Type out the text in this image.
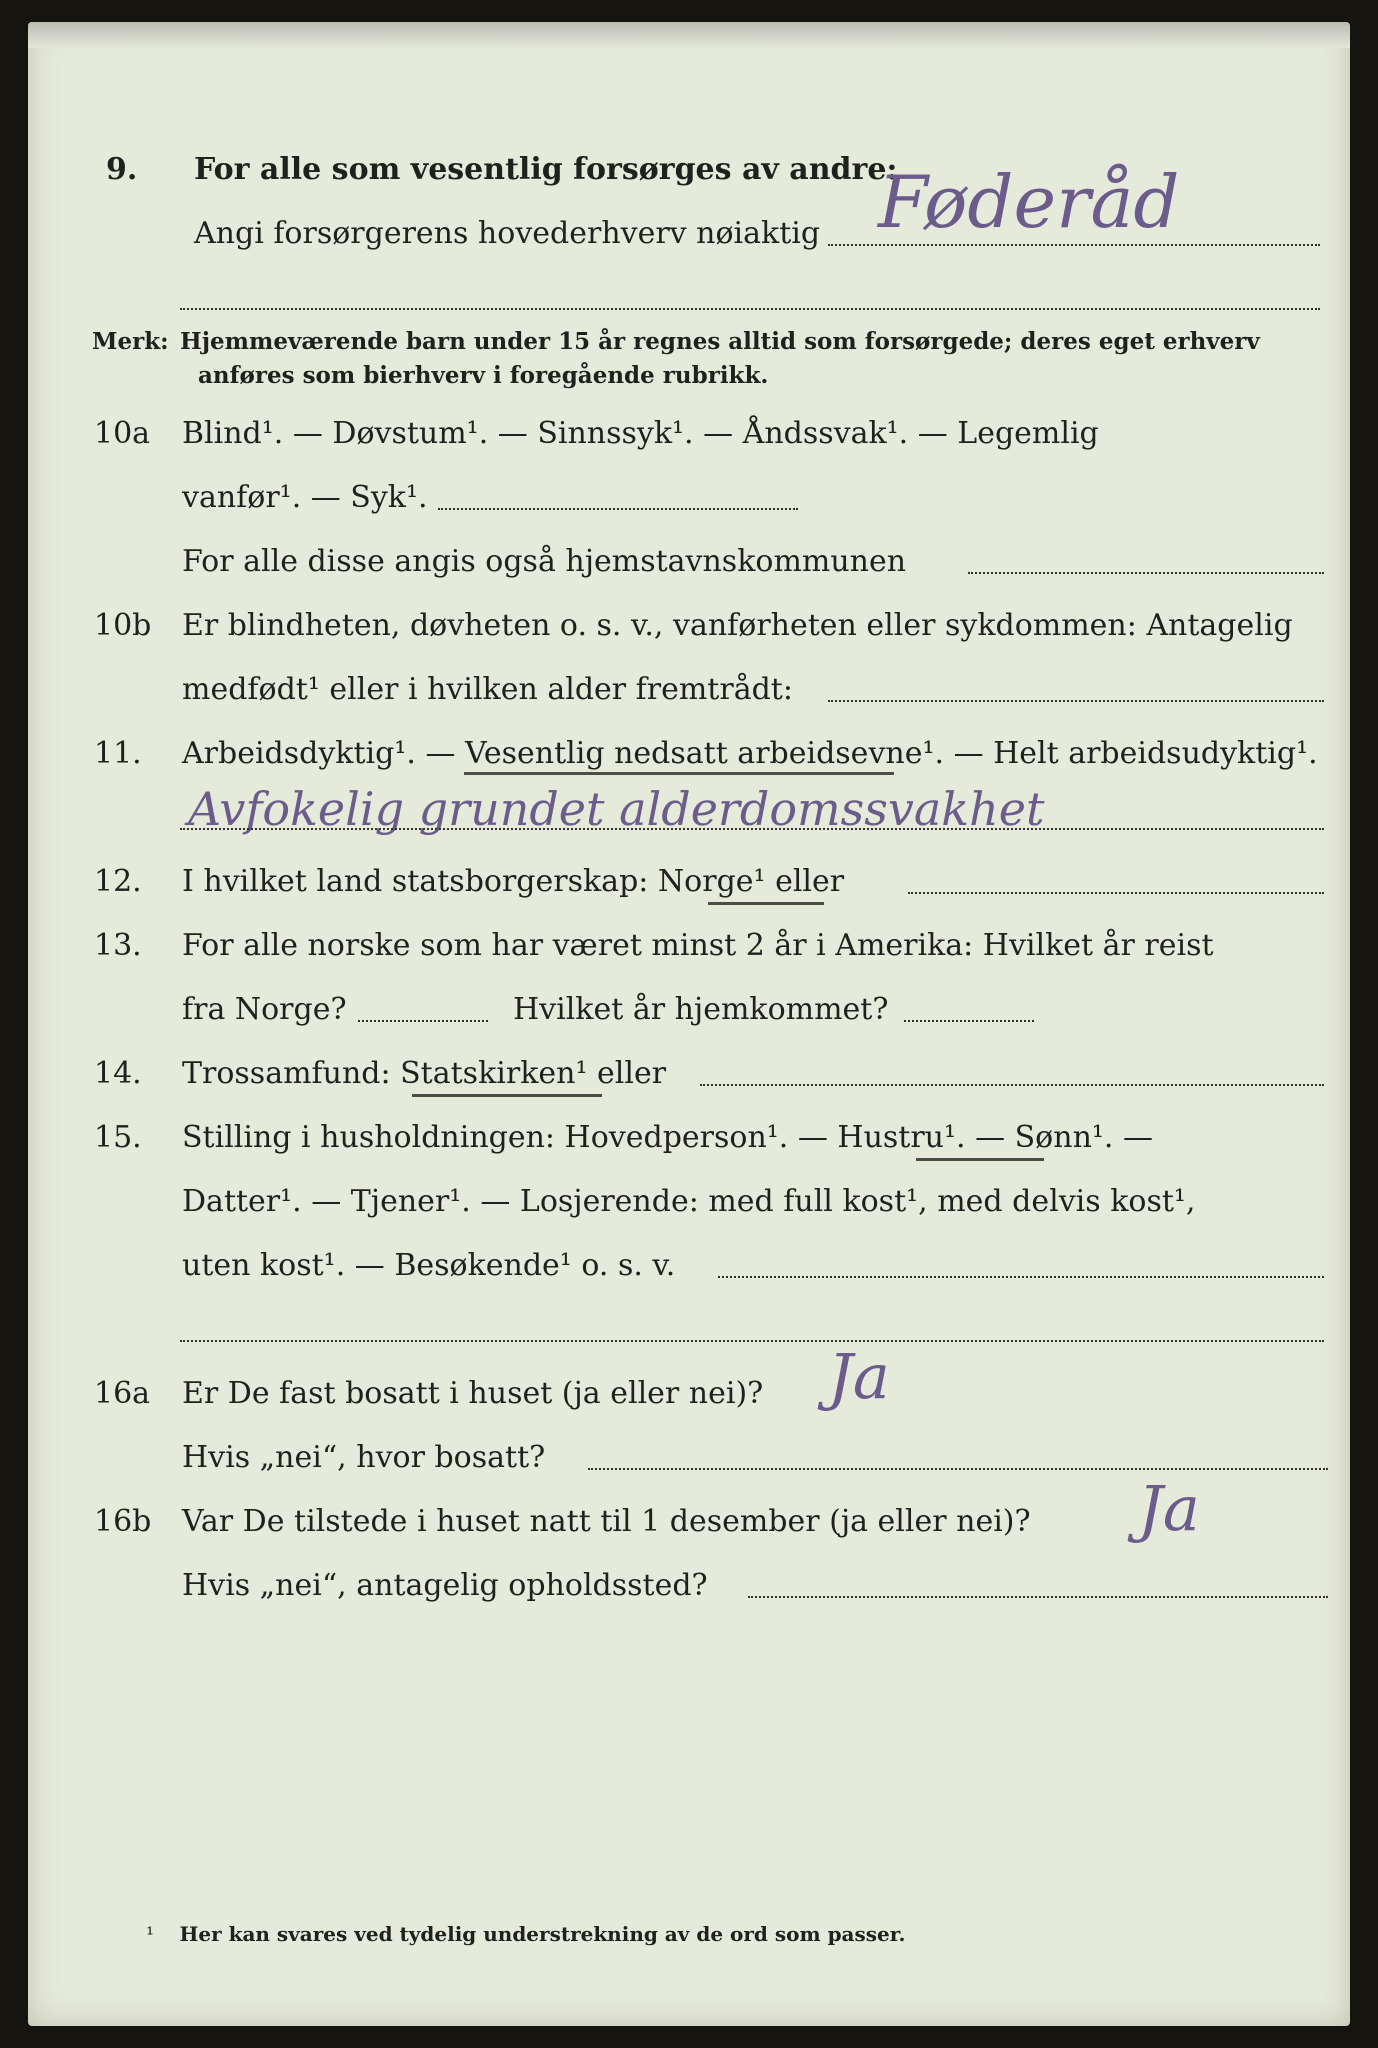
9.	For alle som vesentlig forsørges av andre:
Angi forsørgerens hovederhverv nøiaktig Føderåd
Merk: Hjemmeværende barn under 15 år regnes alltid som forsørgede; deres eget erhverv
anføres som bierhverv i foregående rubrikk.
10a	Blind¹. — Døvstum¹. — Sinnssyk¹. — Åndssvak¹. — Legemlig
vanfør¹. — Syk¹.
For alle disse angis også hjemstavnskommunen
10b	Er blindheten, døvheten o. s. v., vanførheten eller sykdommen: Antagelig
medfødt¹ eller i hvilken alder fremtrådt:
11.	Arbeidsdyktig¹. — Vesentlig nedsatt arbeidsevne¹. — Helt arbeidsudyktig¹.
Avfokelig grundet alderdomssvakhet
12.	I hvilket land statsborgerskap: Norge¹ eller
13.	For alle norske som har været minst 2 år i Amerika: Hvilket år reist
fra Norge?	Hvilket år hjemkommet?
14.	Trossamfund: Statskirken¹ eller
15.	Stilling i husholdningen: Hovedperson¹. — Hustru¹. — Sønn¹. —
Datter¹. — Tjener¹. — Losjerende: med full kost¹, med delvis kost¹,
uten kost¹. — Besøkende¹ o. s. v.
16a	Er De fast bosatt i huset (ja eller nei)? Ja
Hvis „nei“, hvor bosatt?
16b	Var De tilstede i huset natt til 1 desember (ja eller nei)? Ja
Hvis „nei“, antagelig opholdssted?
¹ Her kan svares ved tydelig understrekning av de ord som passer.
